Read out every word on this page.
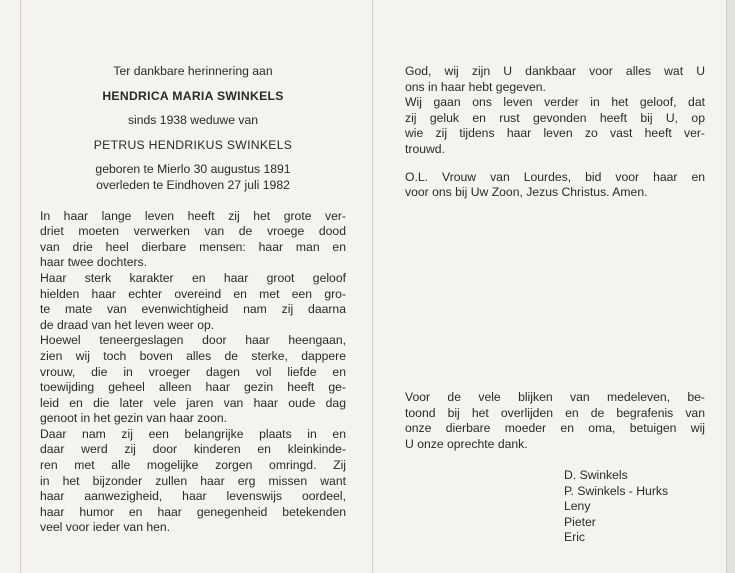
Ter dankbare herinnering aan
HENDRICA MARIA SWINKELS
sinds 1938 weduwe van
PETRUS HENDRIKUS SWINKELS
geboren te Mierlo 30 augustus 1891
overleden te Eindhoven 27 juli 1982
In haar lange leven heeft zij het grote ver-
driet moeten verwerken van de vroege dood
van drie heel dierbare mensen: haar man en
haar twee dochters.
Haar sterk karakter en haar groot geloof
hielden haar echter overeind en met een gro-
te mate van evenwichtigheid nam zij daarna
de draad van het leven weer op.
Hoewel teneergeslagen door haar heengaan,
zien wij toch boven alles de sterke, dappere
vrouw, die in vroeger dagen vol liefde en
toewijding geheel alleen haar gezin heeft ge-
leid en die later vele jaren van haar oude dag
genoot in het gezin van haar zoon.
Daar nam zij een belangrijke plaats in en
daar werd zij door kinderen en kleinkinde-
ren met alle mogelijke zorgen omringd. Zij
in het bijzonder zullen haar erg missen want
haar aanwezigheid, haar levenswijs oordeel,
haar humor en haar genegenheid betekenden
veel voor ieder van hen.
God, wij zijn U dankbaar voor alles wat U
ons in haar hebt gegeven.
Wij gaan ons leven verder in het geloof, dat
zij geluk en rust gevonden heeft bij U, op
wie zij tijdens haar leven zo vast heeft ver-
trouwd.
O.L. Vrouw van Lourdes, bid voor haar en
voor ons bij Uw Zoon, Jezus Christus. Amen.
Voor de vele blijken van medeleven, be-
toond bij het overlijden en de begrafenis van
onze dierbare moeder en oma, betuigen wij
U onze oprechte dank.
D. Swinkels
P. Swinkels - Hurks
Leny
Pieter
Eric
